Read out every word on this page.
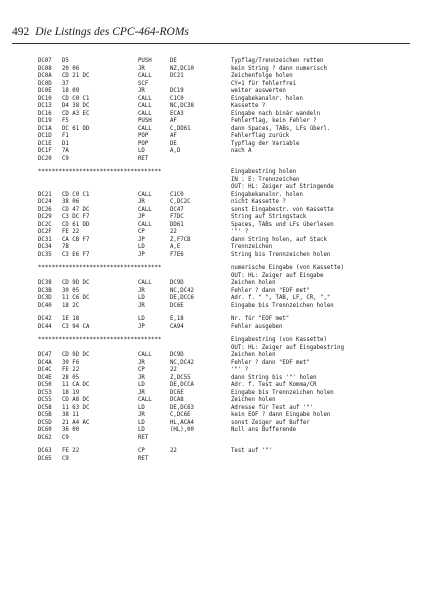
492 Die Listings des CPC-464-ROMs
DC07 D5	PUSH	DE	Typflag/Trennzeichen retten
DC08 20 06	JR	NZ,DC10	kein String ? dann numerisch
DC0A CD 21 DC	CALL	DC21	Zeichenfolge holen
DC0D 37	SCF	CY=1 für fehlerfrei
DC0E 18 09	JR	DC19	weiter auswerten
DC10 CD C0 C1	CALL	C1C0	Eingabekanalnr. holen
DC13 D4 38 DC	CALL	NC,DC38	Kassette ?
DC16 CD A3 EC	CALL	ECA3	Eingabe nach binär wandeln
DC19 F5	PUSH	AF	Fehlerflag, kein Fehler ?
DC1A DC 61 DD	CALL	C,DD61	dann Spaces, TABs, LFs überl.
DC1D F1	POP	AF	Fehlerflag zurück
DC1E D1	POP	DE	Typflag der Variable
DC1F 7A	LD	A,D	nach A
DC20 C9	RET
************************************	Eingabestring holen
IN : E: Trennzeichen
OUT: HL: Zeiger auf Stringende
DC21 CD C0 C1	CALL	C1C0	Eingabekanalnr. holen
DC24 38 06	JR	C,DC2C	nicht Kassette ?
DC26 CD 47 DC	CALL	DC47	sonst Eingabestr. von Kassette
DC29 C3 DC F7	JP	F7DC	String auf Stringstack
DC2C CD 61 DD	CALL	DD61	Spaces, TABs und LFs überlesen
DC2F FE 22	CP	22	'"' ?
DC31 CA CB F7	JP	Z,F7CB	dann String holen, auf Stack
DC34 7B	LD	A,E	Trennzeichen
DC35 C3 E6 F7	JP	F7E6	String bis Trennzeichen holen
************************************	numerische Eingabe (von Kassette)
OUT: HL: Zeiger auf Eingabe
DC38 CD 9D DC	CALL	DC9D	Zeichen holen
DC3B 30 05	JR	NC,DC42	Fehler ? dann "EOF met"
DC3D 11 C6 DC	LD	DE,DCC6	Adr. f. " ", TAB, LF, CR, ","
DC40 18 2C	JR	DC6E	Eingabe bis Trennzeichen holen
DC42 1E 18	LD	E,18	Nr. für "EOF met"
DC44 C3 94 CA	JP	CA94	Fehler ausgeben
************************************	Eingabestring (von Kassette)
OUT: HL: Zeiger auf Eingabestring
DC47 CD 9D DC	CALL	DC9D	Zeichen holen
DC4A 30 F6	JR	NC,DC42	Fehler ? dann "EOF met"
DC4C FE 22	CP	22	'"' ?
DC4E 28 05	JR	Z,DC55	dann String bis '"' holen
DC50 11 CA DC	LD	DE,DCCA	Adr. f. Test auf Komma/CR
DC53 18 19	JR	DC6E	Eingabe bis Trennzeichen holen
DC55 CD A8 DC	CALL	DCA8	Zeichen holen
DC58 11 63 DC	LD	DE,DC63	Adresse für Test auf '"'
DC5B 38 11	JR	C,DC6E	kein EOF ? dann Eingabe holen
DC5D 21 A4 AC	LD	HL,ACA4	sonst Zeiger auf Buffer
DC60 36 00	LD	(HL),00	Null ans Bufferende
DC62 C9	RET
DC63 FE 22	CP	22	Test auf '"'
DC65 C9	RET
